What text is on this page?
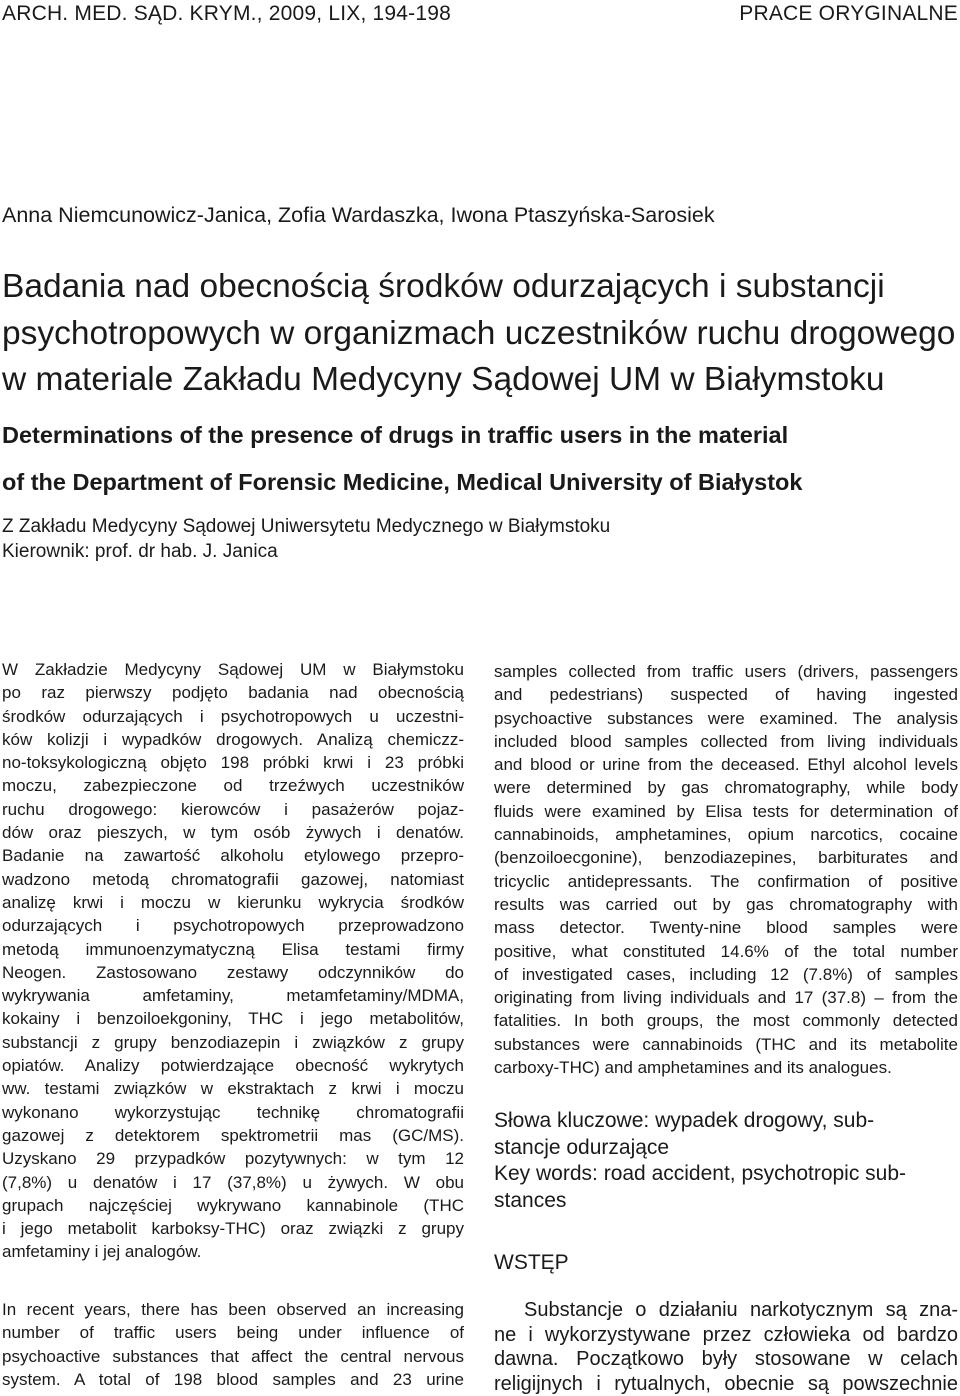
ARCH. MED. SĄD. KRYM., 2009, LIX, 194-198	PRACE ORYGINALNE
Anna Niemcunowicz-Janica, Zofia Wardaszka, Iwona Ptaszyńska-Sarosiek
Badania nad obecnością środków odurzających i substancji
psychotropowych w organizmach uczestników ruchu drogowego
w materiale Zakładu Medycyny Sądowej UM w Białymstoku
Determinations of the presence of drugs in traffic users in the material
of the Department of Forensic Medicine, Medical University of Białystok
Z Zakładu Medycyny Sądowej Uniwersytetu Medycznego w Białymstoku
Kierownik: prof. dr hab. J. Janica
W Zakładzie Medycyny Sądowej UM w Białymstoku
po raz pierwszy podjęto badania nad obecnością
środków odurzających i psychotropowych u uczestni-
ków kolizji i wypadków drogowych. Analizą chemiczz-
no-toksykologiczną objęto 198 próbki krwi i 23 próbki
moczu, zabezpieczone od trzeźwych uczestników
ruchu drogowego: kierowców i pasażerów pojaz-
dów oraz pieszych, w tym osób żywych i denatów.
Badanie na zawartość alkoholu etylowego przepro-
wadzono metodą chromatografii gazowej, natomiast
analizę krwi i moczu w kierunku wykrycia środków
odurzających i psychotropowych przeprowadzono
metodą immunoenzymatyczną Elisa testami firmy
Neogen. Zastosowano zestawy odczynników do
wykrywania amfetaminy, metamfetaminy/MDMA,
kokainy i benzoiloekgoniny, THC i jego metabolitów,
substancji z grupy benzodiazepin i związków z grupy
opiatów. Analizy potwierdzające obecność wykrytych
ww. testami związków w ekstraktach z krwi i moczu
wykonano wykorzystując technikę chromatografii
gazowej z detektorem spektrometrii mas (GC/MS).
Uzyskano 29 przypadków pozytywnych: w tym 12
(7,8%) u denatów i 17 (37,8%) u żywych. W obu
grupach najczęściej wykrywano kannabinole (THC
i jego metabolit karboksy-THC) oraz związki z grupy
amfetaminy i jej analogów.
In recent years, there has been observed an increasing
number of traffic users being under influence of
psychoactive substances that affect the central nervous
system. A total of 198 blood samples and 23 urine
samples collected from traffic users (drivers, passengers
and pedestrians) suspected of having ingested
psychoactive substances were examined. The analysis
included blood samples collected from living individuals
and blood or urine from the deceased. Ethyl alcohol levels
were determined by gas chromatography, while body
fluids were examined by Elisa tests for determination of
cannabinoids, amphetamines, opium narcotics, cocaine
(benzoiloecgonine), benzodiazepines, barbiturates and
tricyclic antidepressants. The confirmation of positive
results was carried out by gas chromatography with
mass detector. Twenty-nine blood samples were
positive, what constituted 14.6% of the total number
of investigated cases, including 12 (7.8%) of samples
originating from living individuals and 17 (37.8) – from the
fatalities. In both groups, the most commonly detected
substances were cannabinoids (THC and its metabolite
carboxy-THC) and amphetamines and its analogues.
Słowa kluczowe: wypadek drogowy, sub-
stancje odurzające
Key words: road accident, psychotropic sub-
stances
WSTĘP
Substancje o działaniu narkotycznym są zna-
ne i wykorzystywane przez człowieka od bardzo
dawna. Początkowo były stosowane w celach
religijnych i rytualnych, obecnie są powszechnie
